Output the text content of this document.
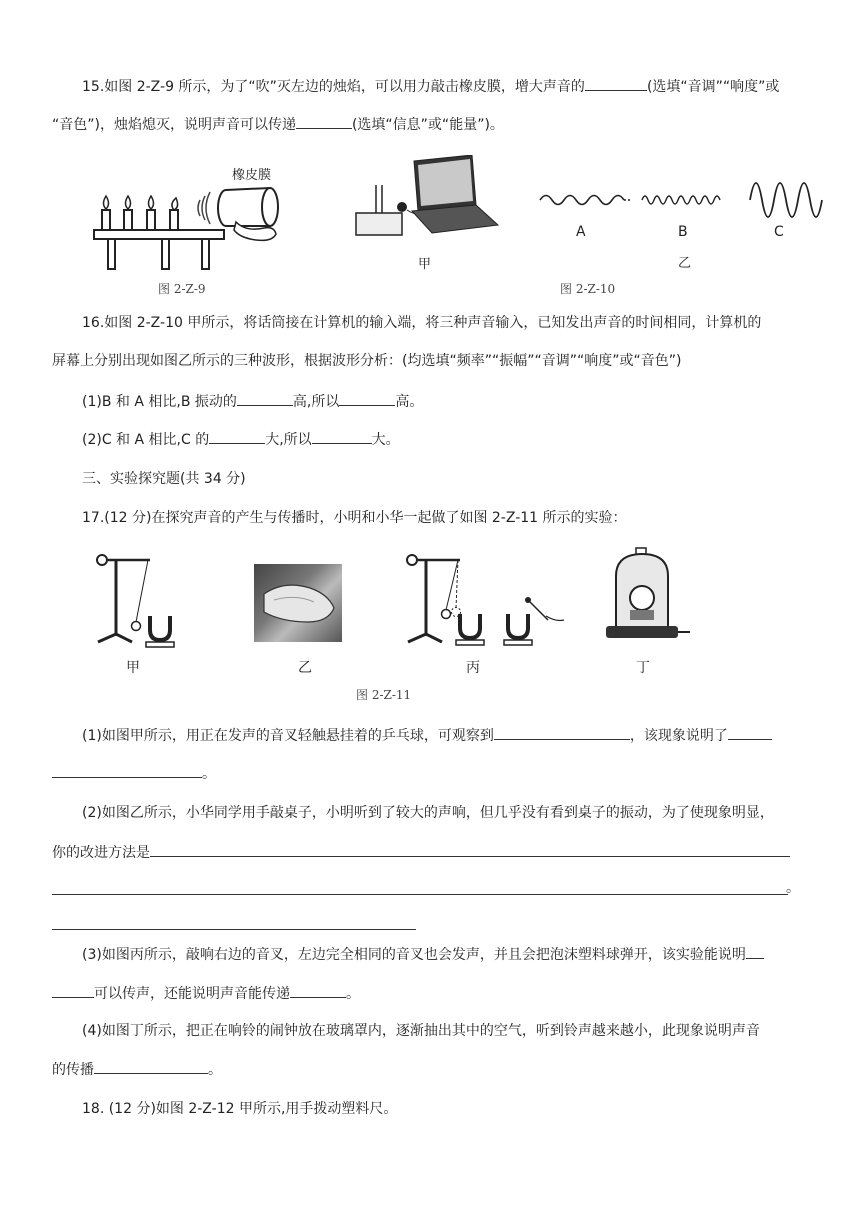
15.如图 2-Z-9 所示，为了“吹”灭左边的烛焰，可以用力敲击橡皮膜，增大声音的	(选填“音调”“响度”或
“音色”)，烛焰熄灭，说明声音可以传递	(选填“信息”或“能量”)。
橡皮膜
图 2-Z-9
甲
A	B	C
乙
图 2-Z-10
16.如图 2-Z-10 甲所示，将话筒接在计算机的输入端，将三种声音输入，已知发出声音的时间相同，计算机的
屏幕上分别出现如图乙所示的三种波形，根据波形分析：(均选填“频率”“振幅”“音调”“响度”或“音色”)
(1)B 和 A 相比,B 振动的	高,所以	高。
(2)C 和 A 相比,C 的	大,所以	大。
三、实验探究题(共 34 分)
17.(12 分)在探究声音的产生与传播时，小明和小华一起做了如图 2-Z-11 所示的实验：
甲	乙	丙	丁
图 2-Z-11
(1)如图甲所示，用正在发声的音叉轻触悬挂着的乒乓球，可观察到	，该现象说明了
。
(2)如图乙所示，小华同学用手敲桌子，小明听到了较大的声响，但几乎没有看到桌子的振动，为了使现象明显，
你的改进方法是
。
(3)如图丙所示，敲响右边的音叉，左边完全相同的音叉也会发声，并且会把泡沫塑料球弹开，该实验能说明
可以传声，还能说明声音能传递	。
(4)如图丁所示，把正在响铃的闹钟放在玻璃罩内，逐渐抽出其中的空气，听到铃声越来越小，此现象说明声音
的传播	。
18. (12 分)如图 2-Z-12 甲所示,用手拨动塑料尺。
